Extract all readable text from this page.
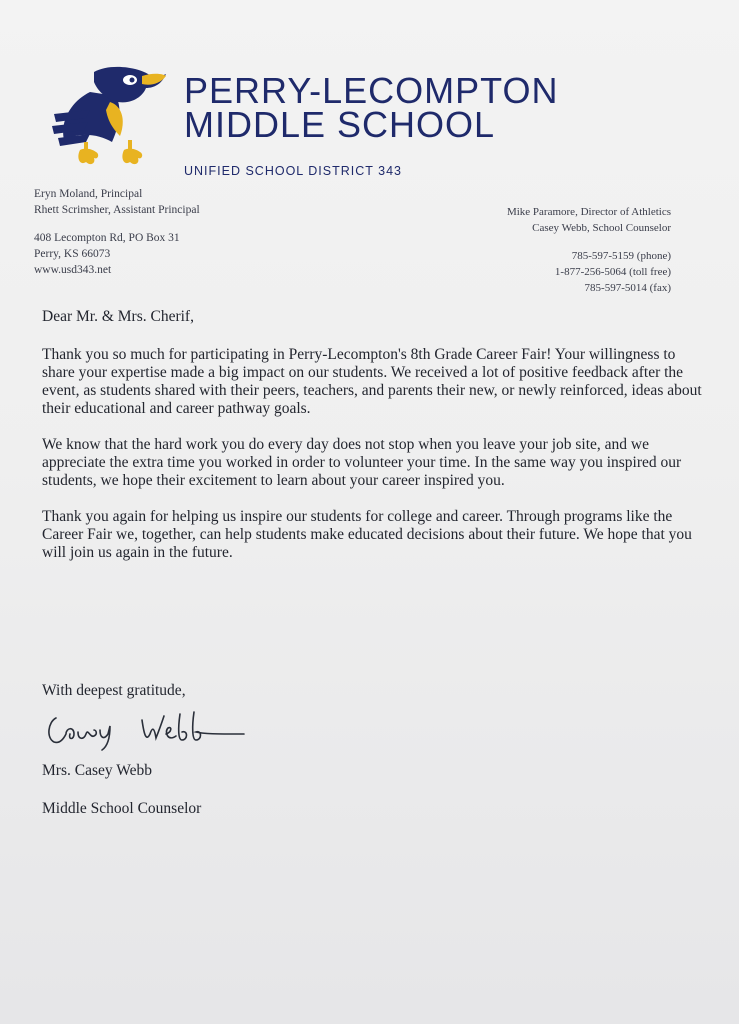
PERRY-LECOMPTON
MIDDLE SCHOOL
UNIFIED SCHOOL DISTRICT 343
Eryn Moland, Principal
Rhett Scrimsher, Assistant Principal
408 Lecompton Rd, PO Box 31
Perry, KS 66073
www.usd343.net
Mike Paramore, Director of Athletics
Casey Webb, School Counselor
785-597-5159 (phone)
1-877-256-5064 (toll free)
785-597-5014 (fax)

Dear Mr. & Mrs. Cherif,

Thank you so much for participating in Perry-Lecompton's 8th Grade Career Fair! Your willingness to share your expertise made a big impact on our students. We received a lot of positive feedback after the event, as students shared with their peers, teachers, and parents their new, or newly reinforced, ideas about their educational and career pathway goals.

We know that the hard work you do every day does not stop when you leave your job site, and we appreciate the extra time you worked in order to volunteer your time. In the same way you inspired our students, we hope their excitement to learn about your career inspired you.

Thank you again for helping us inspire our students for college and career. Through programs like the Career Fair we, together, can help students make educated decisions about their future. We hope that you will join us again in the future.

With deepest gratitude,
Mrs. Casey Webb
Middle School Counselor
